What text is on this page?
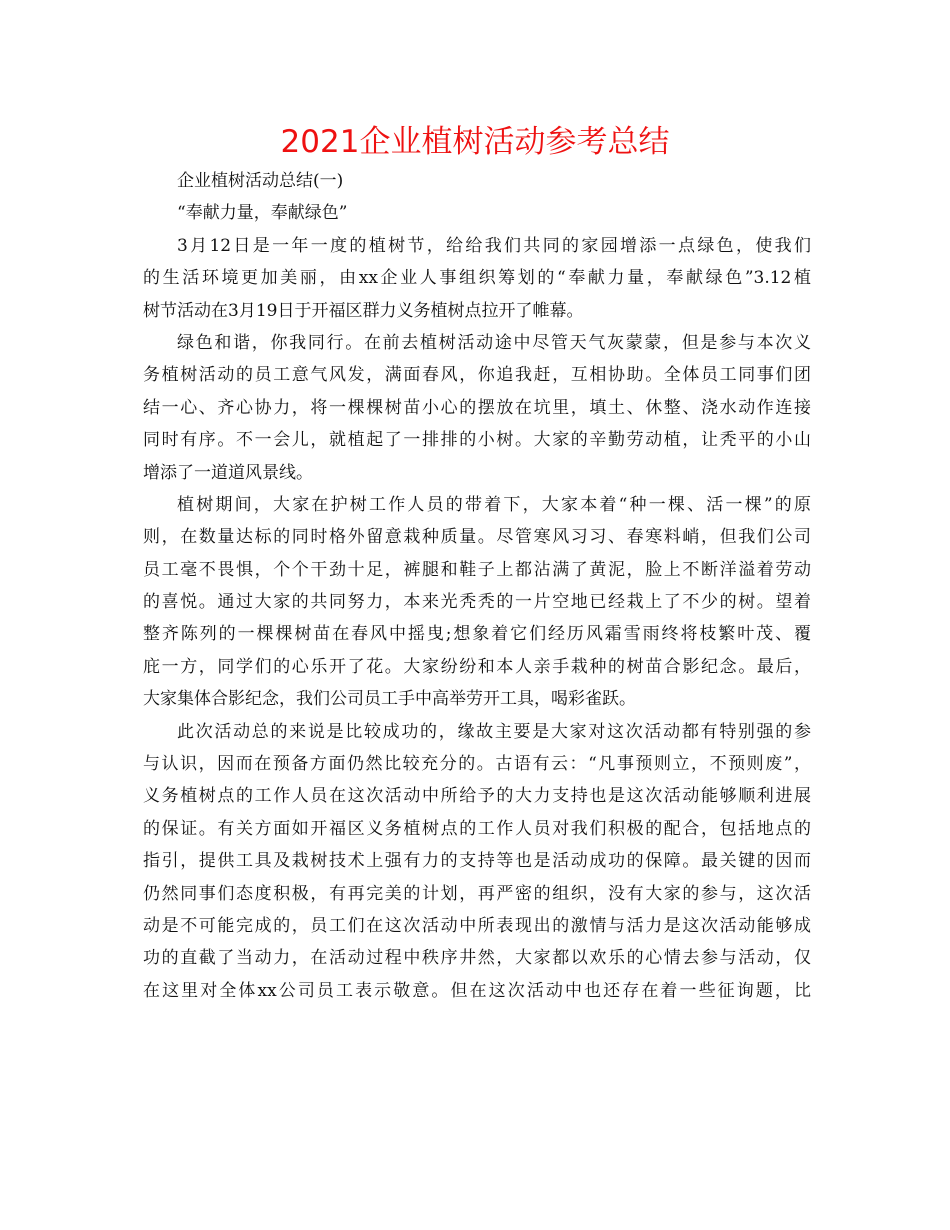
2021企业植树活动参考总结
企业植树活动总结(一)
“奉献力量，奉献绿色”
3月12日是一年一度的植树节，给给我们共同的家园增添一点绿色，使我们
的生活环境更加美丽，由xx企业人事组织筹划的“奉献力量，奉献绿色”3.12植
树节活动在3月19日于开福区群力义务植树点拉开了帷幕。
绿色和谐，你我同行。在前去植树活动途中尽管天气灰蒙蒙，但是参与本次义
务植树活动的员工意气风发，满面春风，你追我赶，互相协助。全体员工同事们团
结一心、齐心协力，将一棵棵树苗小心的摆放在坑里，填土、休整、浇水动作连接
同时有序。不一会儿，就植起了一排排的小树。大家的辛勤劳动植，让秃平的小山
增添了一道道风景线。
植树期间，大家在护树工作人员的带着下，大家本着“种一棵、活一棵”的原
则，在数量达标的同时格外留意栽种质量。尽管寒风习习、春寒料峭，但我们公司
员工毫不畏惧，个个干劲十足，裤腿和鞋子上都沾满了黄泥，脸上不断洋溢着劳动
的喜悦。通过大家的共同努力，本来光秃秃的一片空地已经栽上了不少的树。望着
整齐陈列的一棵棵树苗在春风中摇曳;想象着它们经历风霜雪雨终将枝繁叶茂、覆
庇一方，同学们的心乐开了花。大家纷纷和本人亲手栽种的树苗合影纪念。最后，
大家集体合影纪念，我们公司员工手中高举劳开工具，喝彩雀跃。
此次活动总的来说是比较成功的，缘故主要是大家对这次活动都有特别强的参
与认识，因而在预备方面仍然比较充分的。古语有云：“凡事预则立，不预则废”，
义务植树点的工作人员在这次活动中所给予的大力支持也是这次活动能够顺利进展
的保证。有关方面如开福区义务植树点的工作人员对我们积极的配合，包括地点的
指引，提供工具及栽树技术上强有力的支持等也是活动成功的保障。最关键的因而
仍然同事们态度积极，有再完美的计划，再严密的组织，没有大家的参与，这次活
动是不可能完成的，员工们在这次活动中所表现出的激情与活力是这次活动能够成
功的直截了当动力，在活动过程中秩序井然，大家都以欢乐的心情去参与活动，仅
在这里对全体xx公司员工表示敬意。但在这次活动中也还存在着一些征询题，比
